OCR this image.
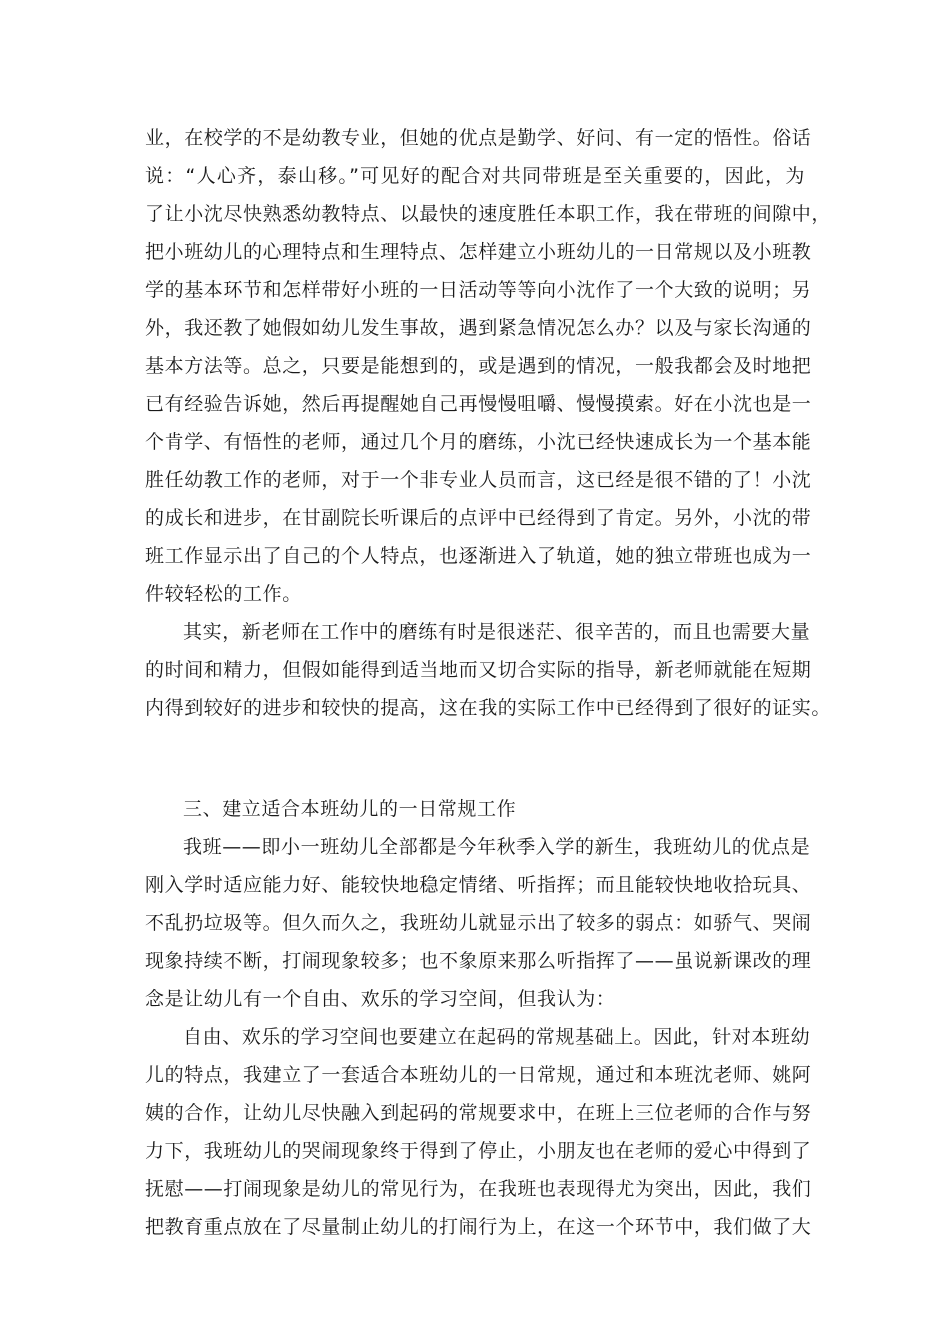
业，在校学的不是幼教专业，但她的优点是勤学、好问、有一定的悟性。俗话
说：“人心齐，泰山移。”可见好的配合对共同带班是至关重要的，因此，为
了让小沈尽快熟悉幼教特点、以最快的速度胜任本职工作，我在带班的间隙中，
把小班幼儿的心理特点和生理特点、怎样建立小班幼儿的一日常规以及小班教
学的基本环节和怎样带好小班的一日活动等等向小沈作了一个大致的说明；另
外，我还教了她假如幼儿发生事故，遇到紧急情况怎么办？以及与家长沟通的
基本方法等。总之，只要是能想到的，或是遇到的情况，一般我都会及时地把
已有经验告诉她，然后再提醒她自己再慢慢咀嚼、慢慢摸索。好在小沈也是一
个肯学、有悟性的老师，通过几个月的磨练，小沈已经快速成长为一个基本能
胜任幼教工作的老师，对于一个非专业人员而言，这已经是很不错的了！小沈
的成长和进步，在甘副院长听课后的点评中已经得到了肯定。另外，小沈的带
班工作显示出了自己的个人特点，也逐渐进入了轨道，她的独立带班也成为一
件较轻松的工作。
其实，新老师在工作中的磨练有时是很迷茫、很辛苦的，而且也需要大量
的时间和精力，但假如能得到适当地而又切合实际的指导，新老师就能在短期
内得到较好的进步和较快的提高，这在我的实际工作中已经得到了很好的证实。
三、建立适合本班幼儿的一日常规工作
我班——即小一班幼儿全部都是今年秋季入学的新生，我班幼儿的优点是
刚入学时适应能力好、能较快地稳定情绪、听指挥；而且能较快地收拾玩具、
不乱扔垃圾等。但久而久之，我班幼儿就显示出了较多的弱点：如骄气、哭闹
现象持续不断，打闹现象较多；也不象原来那么听指挥了——虽说新课改的理
念是让幼儿有一个自由、欢乐的学习空间，但我认为：
自由、欢乐的学习空间也要建立在起码的常规基础上。因此，针对本班幼
儿的特点，我建立了一套适合本班幼儿的一日常规，通过和本班沈老师、姚阿
姨的合作，让幼儿尽快融入到起码的常规要求中，在班上三位老师的合作与努
力下，我班幼儿的哭闹现象终于得到了停止，小朋友也在老师的爱心中得到了
抚慰——打闹现象是幼儿的常见行为，在我班也表现得尤为突出，因此，我们
把教育重点放在了尽量制止幼儿的打闹行为上，在这一个环节中，我们做了大
